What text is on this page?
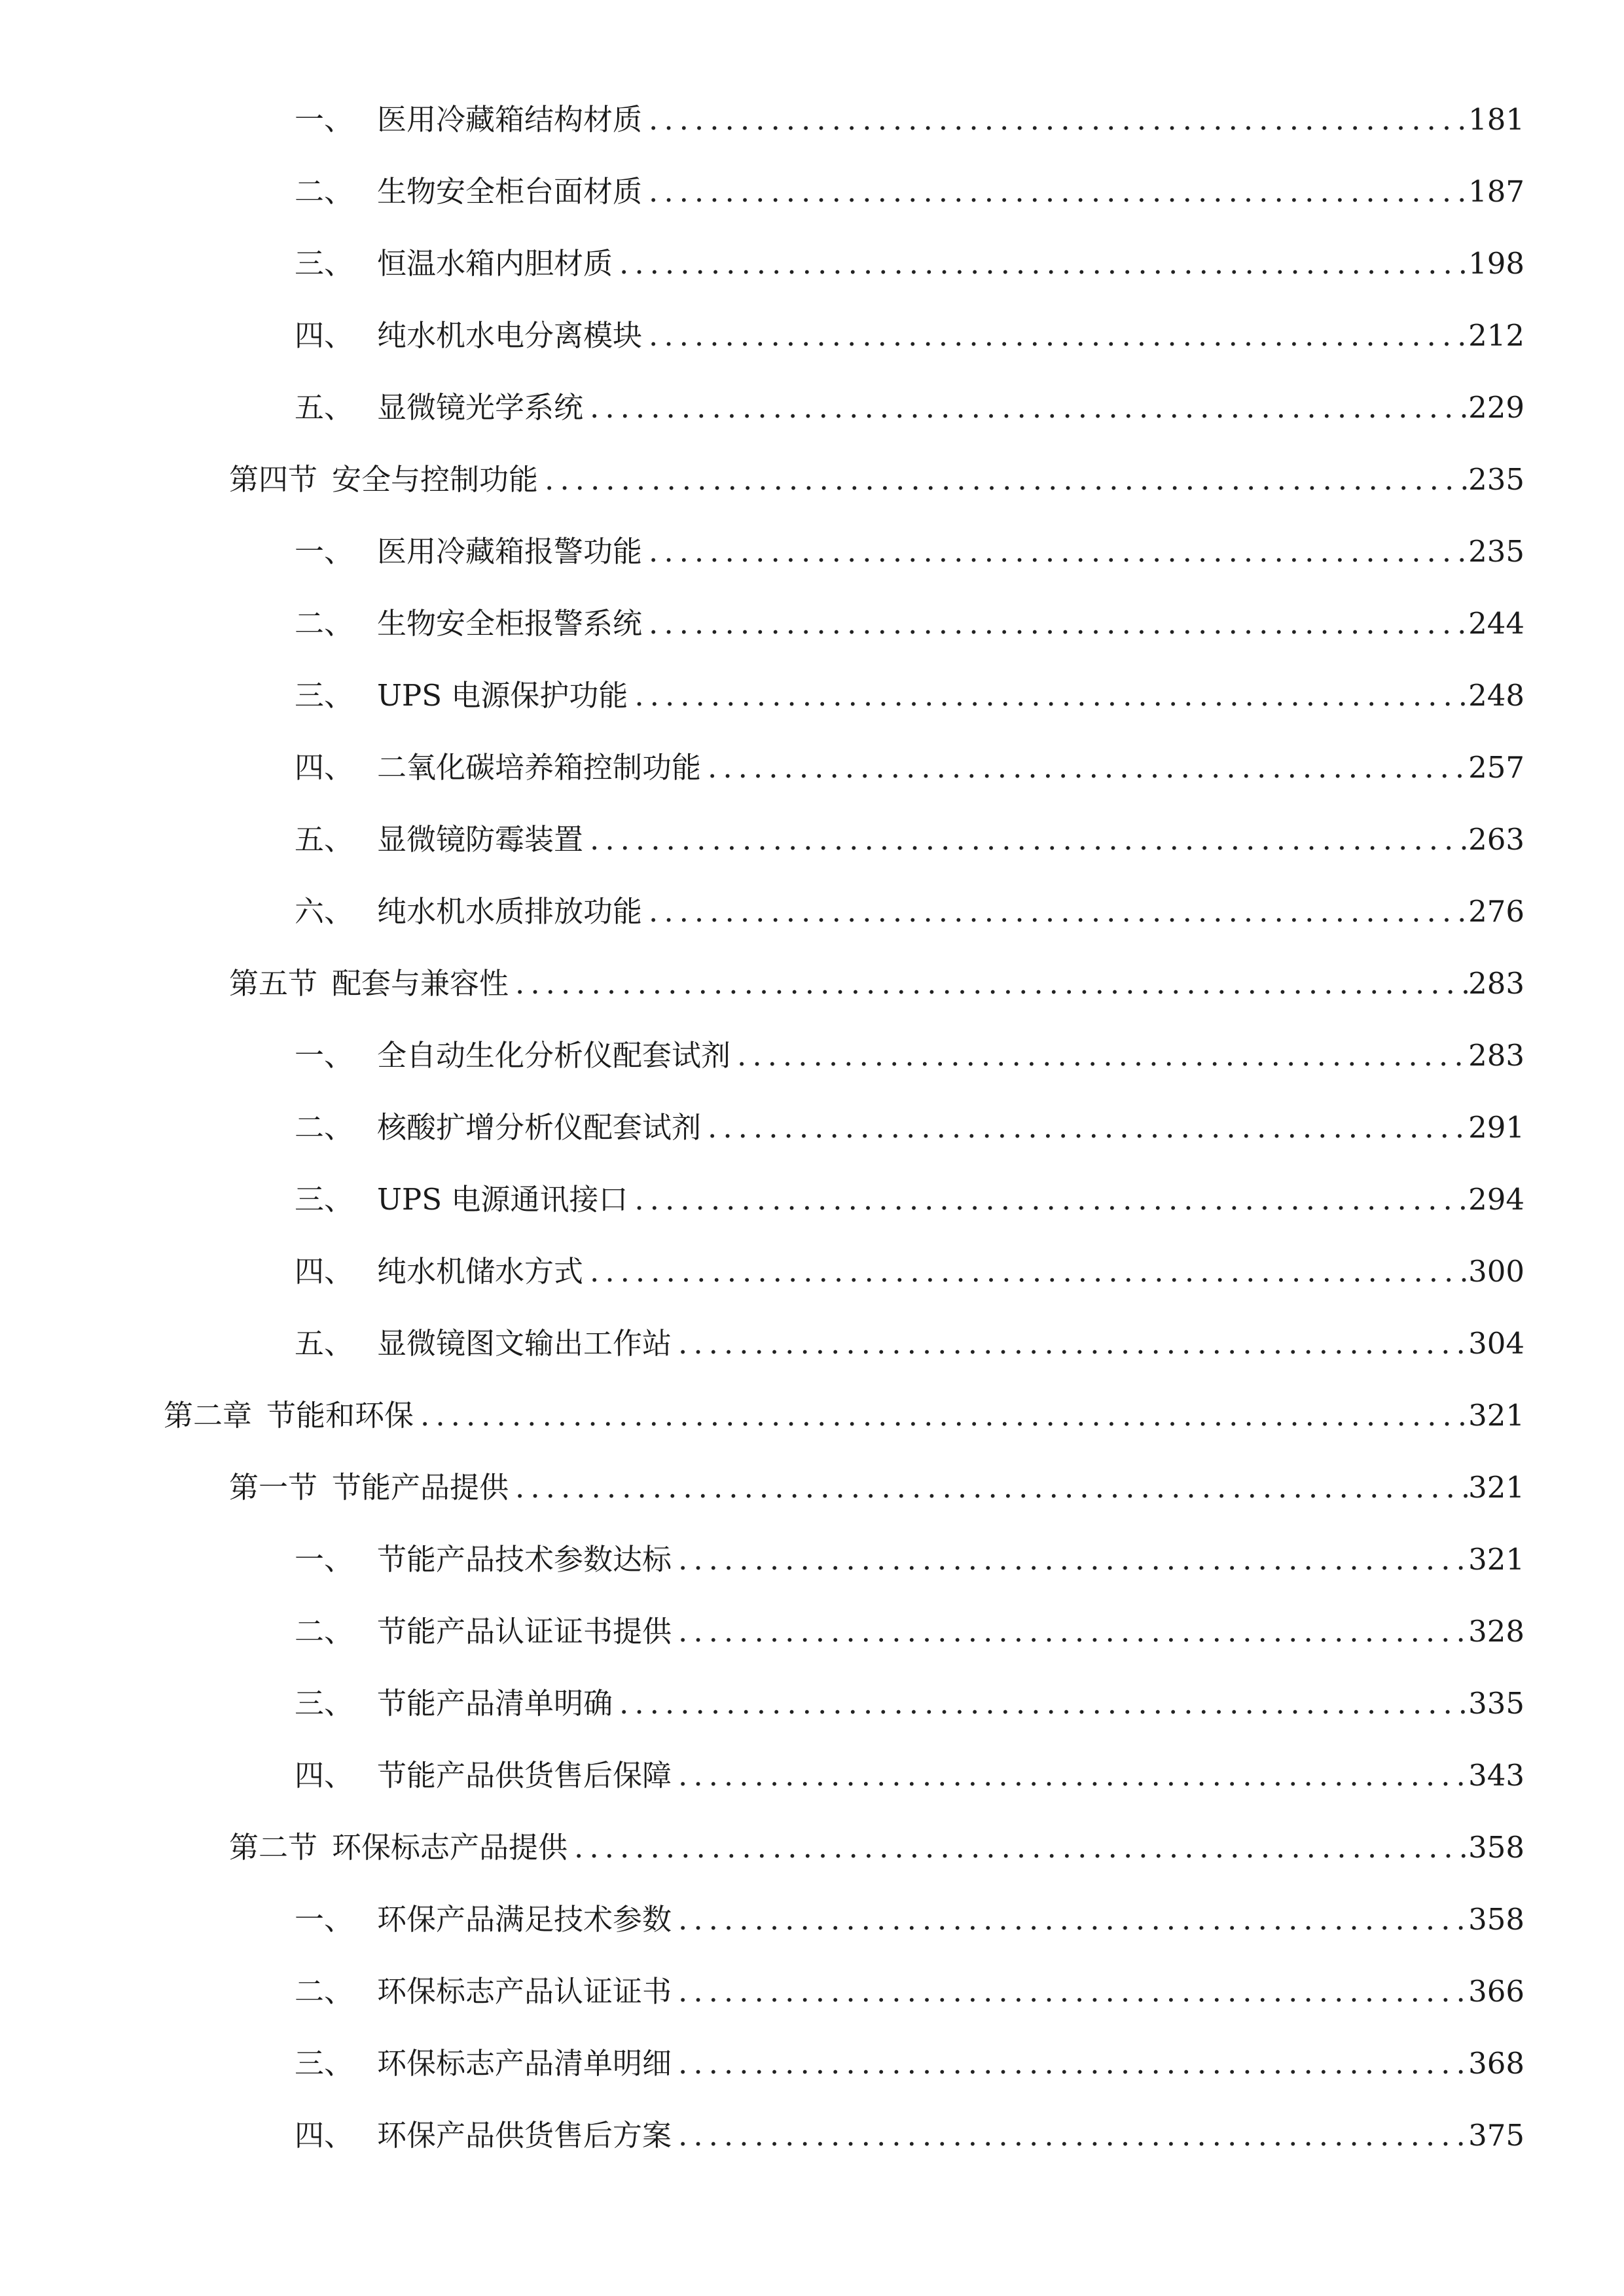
一、 医用冷藏箱结构材质 .....	181
二、 生物安全柜台面材质 .....	187
三、 恒温水箱内胆材质 .....	198
四、 纯水机水电分离模块 .....	212
五、 显微镜光学系统 .....	229
第四节 安全与控制功能 .....	235
一、 医用冷藏箱报警功能 .....	235
二、 生物安全柜报警系统 .....	244
三、 UPS 电源保护功能 .....	248
四、 二氧化碳培养箱控制功能 .....	257
五、 显微镜防霉装置 .....	263
六、 纯水机水质排放功能 .....	276
第五节 配套与兼容性 .....	283
一、 全自动生化分析仪配套试剂 .....	283
二、 核酸扩增分析仪配套试剂 .....	291
三、 UPS 电源通讯接口 .....	294
四、 纯水机储水方式 .....	300
五、 显微镜图文输出工作站 .....	304
第二章 节能和环保 .....	321
第一节 节能产品提供 .....	321
一、 节能产品技术参数达标 .....	321
二、 节能产品认证证书提供 .....	328
三、 节能产品清单明确 .....	335
四、 节能产品供货售后保障 .....	343
第二节 环保标志产品提供 .....	358
一、 环保产品满足技术参数 .....	358
二、 环保标志产品认证证书 .....	366
三、 环保标志产品清单明细 .....	368
四、 环保产品供货售后方案 .....	375
